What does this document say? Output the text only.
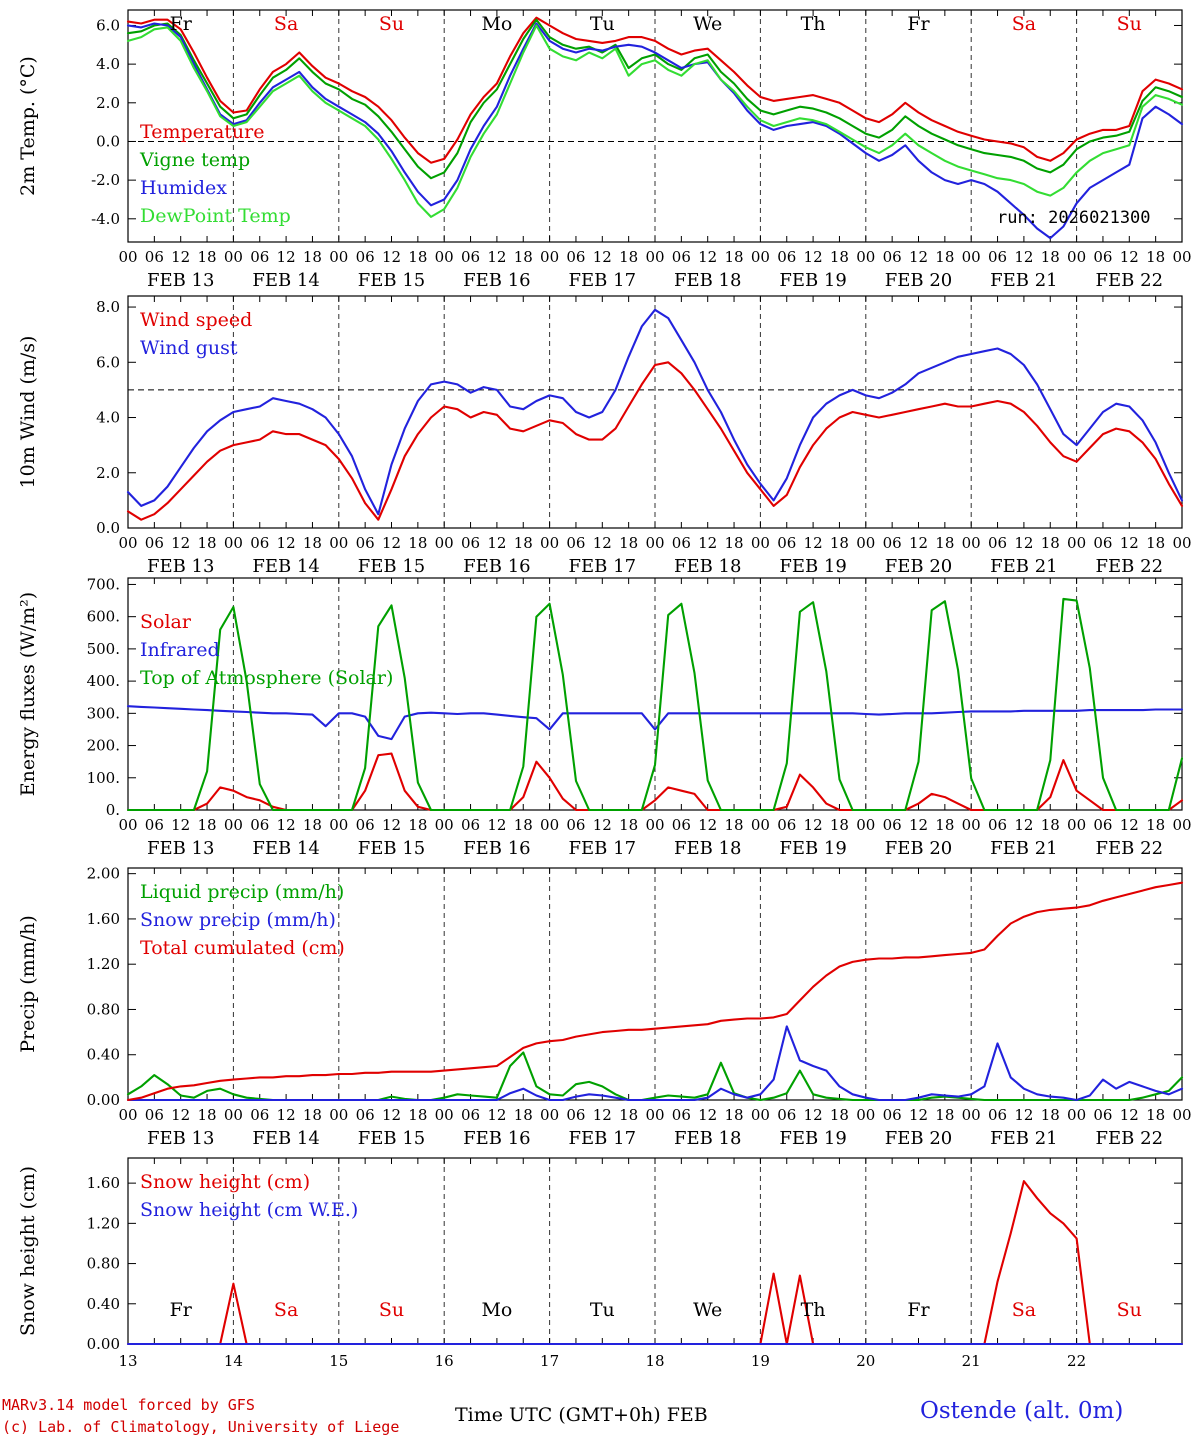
-4.0
-2.0
0.0
2.0
4.0
6.0
2m Temp. (°C)	Temperature
Vigne temp
Humidex
DewPoint Temp
00 06 12 18 00 06 12 18 00 06 12 18 00 06 12 18 00 06 12 18 00 06 12 18 00 06 12 18 00 06 12 18 00 06 12 18 00 06 12 18 00
FEB 13 FEB 14 FEB 15 FEB 16 FEB 17 FEB 18 FEB 19 FEB 20 FEB 21 FEB 22
Fr	Sa	Su	Mo	Tu	We	Th	Fr	Sa	Su
0.0
2.0
4.0
6.0
8.0
10m Wind (m/s)
Wind speed
Wind gust
00 06 12 18 00 06 12 18 00 06 12 18 00 06 12 18 00 06 12 18 00 06 12 18 00 06 12 18 00 06 12 18 00 06 12 18 00 06 12 18 00
FEB 13 FEB 14 FEB 15 FEB 16 FEB 17 FEB 18 FEB 19 FEB 20 FEB 21 FEB 22
0.
100.
200.
300.
400.
500.
600.
700.
Energy fluxes (W/m²)	Solar
Infrared
Top of Atmosphere (Solar)
00 06 12 18 00 06 12 18 00 06 12 18 00 06 12 18 00 06 12 18 00 06 12 18 00 06 12 18 00 06 12 18 00 06 12 18 00 06 12 18 00
FEB 13 FEB 14 FEB 15 FEB 16 FEB 17 FEB 18 FEB 19 FEB 20 FEB 21 FEB 22
0.00
0.40
0.80
1.20
1.60
2.00
Precip (mm/h)
Liquid precip (mm/h)
Snow precip (mm/h)
Total cumulated (cm)
00 06 12 18 00 06 12 18 00 06 12 18 00 06 12 18 00 06 12 18 00 06 12 18 00 06 12 18 00 06 12 18 00 06 12 18 00 06 12 18 00
FEB 13 FEB 14 FEB 15 FEB 16 FEB 17 FEB 18 FEB 19 FEB 20 FEB 21 FEB 22
0.00
0.40
0.80
1.20
1.60
Snow height (cm)	Snow height (cm)
Snow height (cm W.E.)
13	14	15	16	17	18	19	20	21	22
Fr	Sa	Su	Mo	Tu	We	Th	Fr	Sa	Su
run: 2026021300
MARv3.14 model forced by GFS
(c) Lab. of Climatology, University of Liege
Time UTC (GMT+0h) FEB	Ostende (alt. 0m)
